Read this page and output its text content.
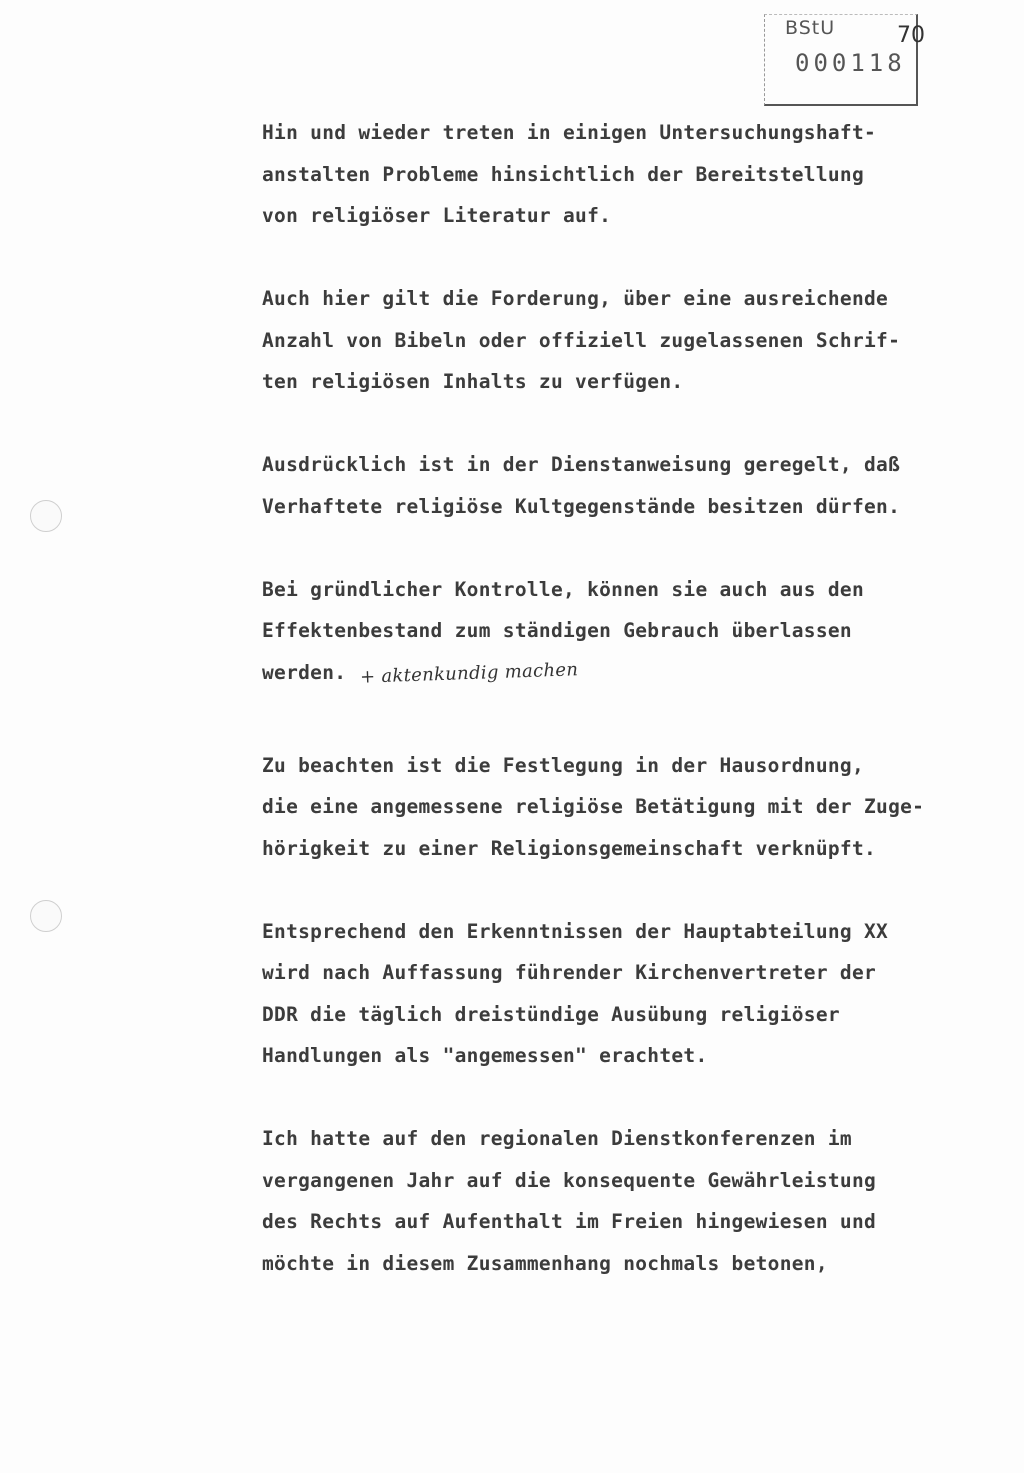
BStU	70
000118
Hin und wieder treten in einigen Untersuchungshaft-
anstalten Probleme hinsichtlich der Bereitstellung
von religiöser Literatur auf.
Auch hier gilt die Forderung, über eine ausreichende
Anzahl von Bibeln oder offiziell zugelassenen Schrif-
ten religiösen Inhalts zu verfügen.
Ausdrücklich ist in der Dienstanweisung geregelt, daß
Verhaftete religiöse Kultgegenstände besitzen dürfen.
Bei gründlicher Kontrolle, können sie auch aus den
Effektenbestand zum ständigen Gebrauch überlassen
werden. + aktenkundig machen
Zu beachten ist die Festlegung in der Hausordnung,
die eine angemessene religiöse Betätigung mit der Zuge-
hörigkeit zu einer Religionsgemeinschaft verknüpft.
Entsprechend den Erkenntnissen der Hauptabteilung XX
wird nach Auffassung führender Kirchenvertreter der
DDR die täglich dreistündige Ausübung religiöser
Handlungen als "angemessen" erachtet.
Ich hatte auf den regionalen Dienstkonferenzen im
vergangenen Jahr auf die konsequente Gewährleistung
des Rechts auf Aufenthalt im Freien hingewiesen und
möchte in diesem Zusammenhang nochmals betonen,
